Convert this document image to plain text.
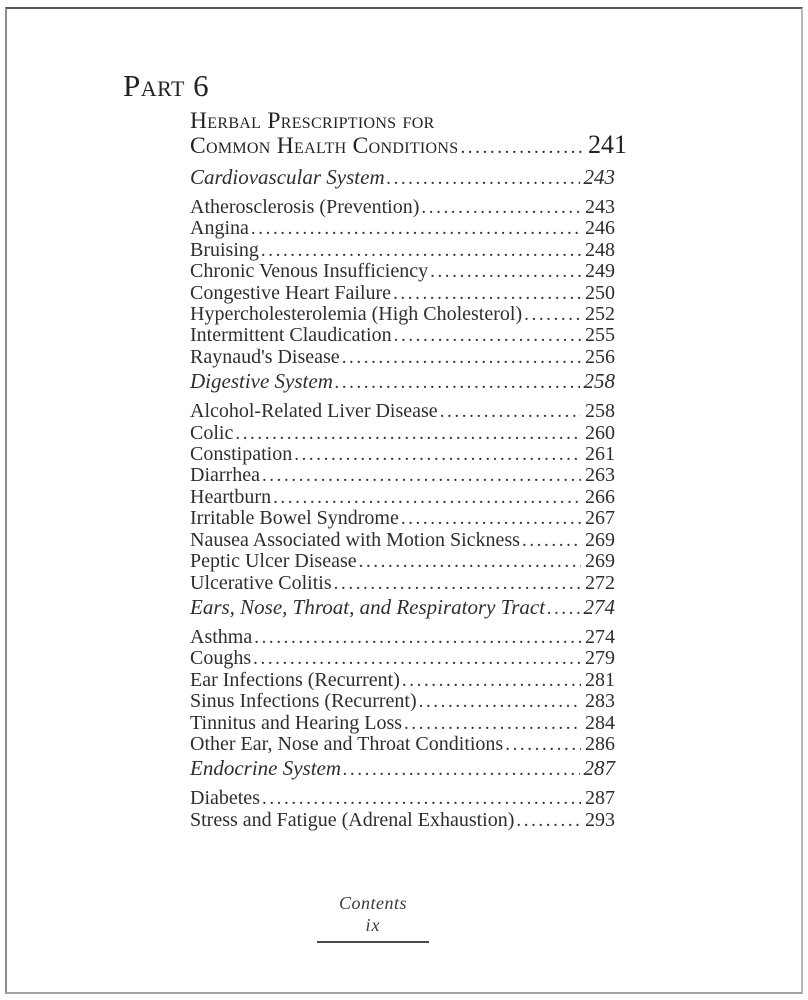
Part 6
Herbal Prescriptions for
Common Health Conditions .....	241
Cardiovascular System .....	243
Atherosclerosis (Prevention) .....	243
Angina .....	246
Bruising .....	248
Chronic Venous Insufficiency .....	249
Congestive Heart Failure .....	250
Hypercholesterolemia (High Cholesterol) .....	252
Intermittent Claudication .....	255
Raynaud's Disease .....	256
Digestive System .....	258
Alcohol-Related Liver Disease .....	258
Colic .....	260
Constipation .....	261
Diarrhea .....	263
Heartburn .....	266
Irritable Bowel Syndrome .....	267
Nausea Associated with Motion Sickness .....	269
Peptic Ulcer Disease .....	269
Ulcerative Colitis .....	272
Ears, Nose, Throat, and Respiratory Tract ..... 274
Asthma .....	274
Coughs .....	279
Ear Infections (Recurrent) .....	281
Sinus Infections (Recurrent) .....	283
Tinnitus and Hearing Loss .....	284
Other Ear, Nose and Throat Conditions .....	286
Endocrine System .....	287
Diabetes .....	287
Stress and Fatigue (Adrenal Exhaustion) .....	293
Contents
ix
